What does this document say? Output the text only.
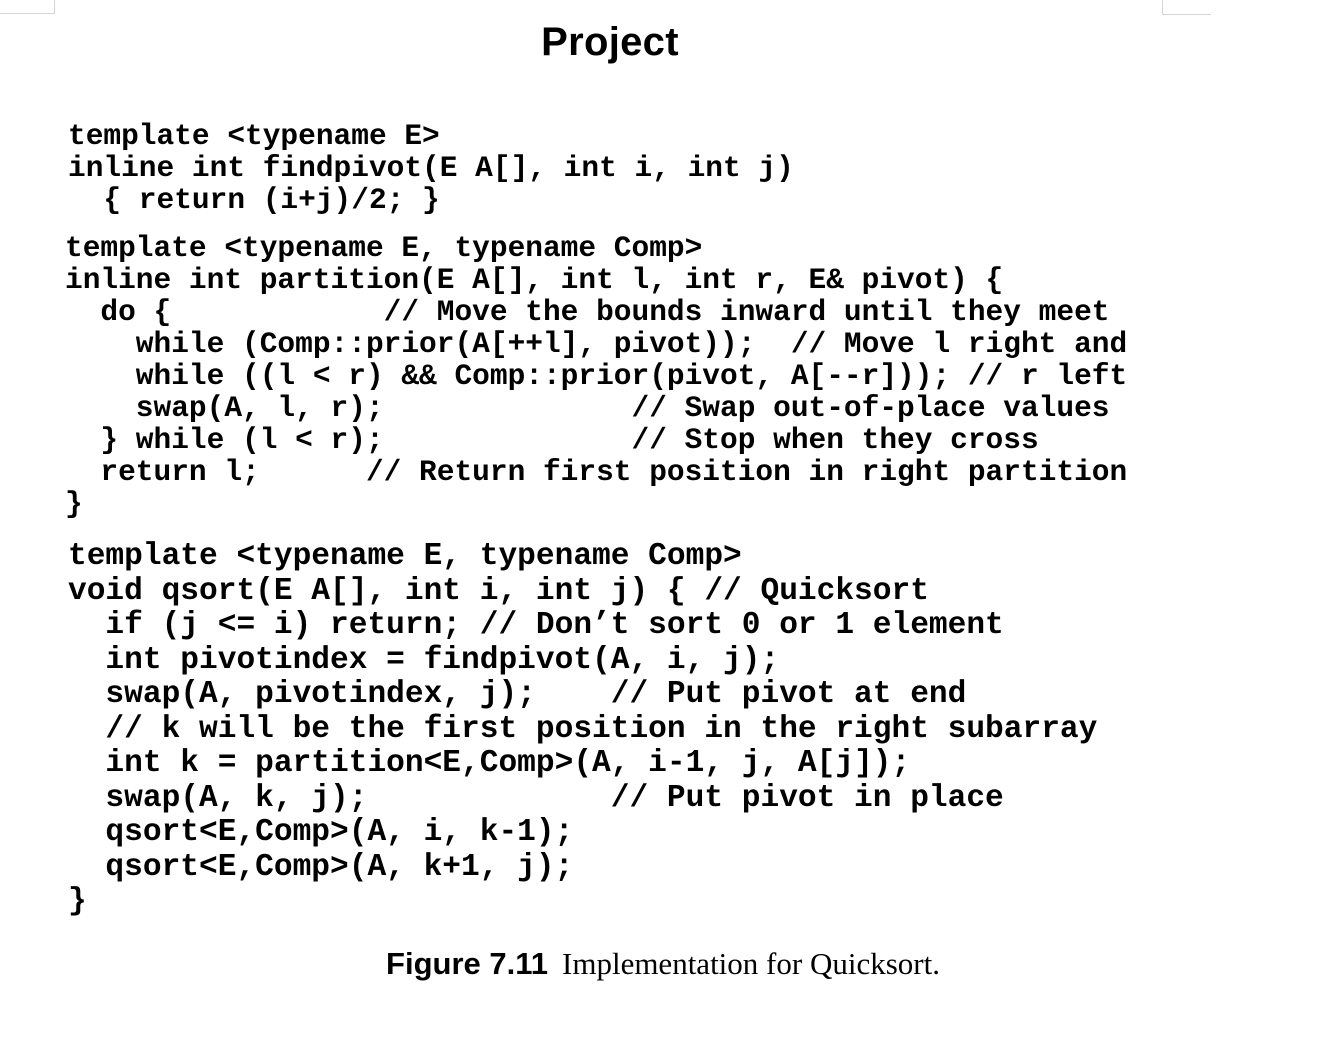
Project
template <typename E>
inline int findpivot(E A[], int i, int j)
{ return (i+j)/2; }
template <typename E, typename Comp>
inline int partition(E A[], int l, int r, E& pivot) {
do {            // Move the bounds inward until they meet
while (Comp::prior(A[++l], pivot));  // Move l right and
while ((l < r) && Comp::prior(pivot, A[--r])); // r left
swap(A, l, r);              // Swap out-of-place values
} while (l < r);              // Stop when they cross
return l;      // Return first position in right partition
}
template <typename E, typename Comp>
void qsort(E A[], int i, int j) { // Quicksort
if (j <= i) return; // Don’t sort 0 or 1 element
int pivotindex = findpivot(A, i, j);
swap(A, pivotindex, j);    // Put pivot at end
// k will be the first position in the right subarray
int k = partition<E,Comp>(A, i-1, j, A[j]);
swap(A, k, j);             // Put pivot in place
qsort<E,Comp>(A, i, k-1);
qsort<E,Comp>(A, k+1, j);
}
Figure 7.11 Implementation for Quicksort.
